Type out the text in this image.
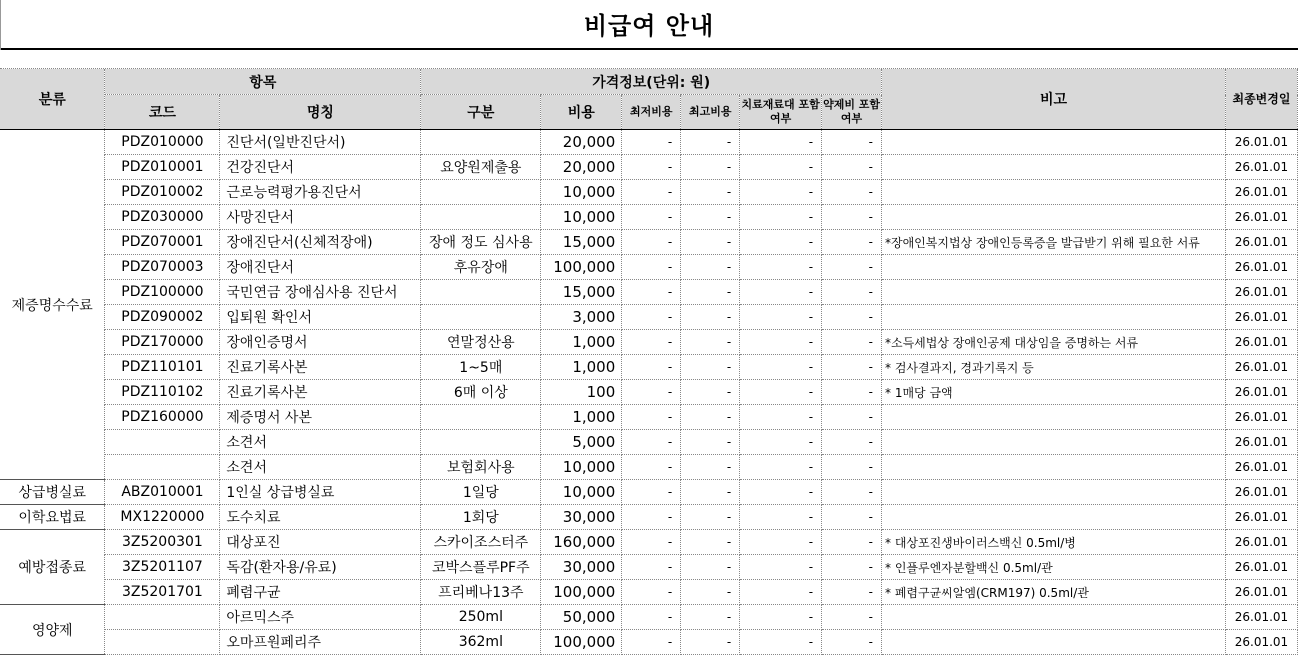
비급여 안내
분류	항목		가격정보(단위: 원)						비고	최종변경일
	코드	명칭	구분	비용	최저비용	최고비용	치료재료대 포함여부	약제비 포함여부		
제증명수수료	PDZ010000	진단서(일반진단서)		20,000	-	-	-	-		26.01.01
	PDZ010001	건강진단서	요양원제출용	20,000	-	-	-	-		26.01.01
	PDZ010002	근로능력평가용진단서		10,000	-	-	-	-		26.01.01
	PDZ030000	사망진단서		10,000	-	-	-	-		26.01.01
	PDZ070001	장애진단서(신체적장애)	장애 정도 심사용	15,000	-	-	-	-	*장애인복지법상 장애인등록증을 발급받기 위해 필요한 서류	26.01.01
	PDZ070003	장애진단서	후유장애	100,000	-	-	-	-		26.01.01
	PDZ100000	국민연금 장애심사용 진단서		15,000	-	-	-	-		26.01.01
	PDZ090002	입퇴원 확인서		3,000	-	-	-	-		26.01.01
	PDZ170000	장애인증명서	연말정산용	1,000	-	-	-	-	*소득세법상 장애인공제 대상임을 증명하는 서류	26.01.01
	PDZ110101	진료기록사본	1~5매	1,000	-	-	-	-	* 검사결과지, 경과기록지 등	26.01.01
	PDZ110102	진료기록사본	6매 이상	100	-	-	-	-	* 1매당 금액	26.01.01
	PDZ160000	제증명서 사본		1,000	-	-	-	-		26.01.01
		소견서		5,000	-	-	-	-		26.01.01
		소견서	보험회사용	10,000	-	-	-	-		26.01.01
상급병실료	ABZ010001	1인실 상급병실료	1일당	10,000	-	-	-	-		26.01.01
이학요법료	MX1220000	도수치료	1회당	30,000	-	-	-	-		26.01.01
예방접종료	3Z5200301	대상포진	스카이조스터주	160,000	-	-	-	-	* 대상포진생바이러스백신 0.5ml/병	26.01.01
	3Z5201107	독감(환자용/유료)	코박스플루PF주	30,000	-	-	-	-	* 인플루엔자분할백신 0.5ml/관	26.01.01
	3Z5201701	폐렴구균	프리베나13주	100,000	-	-	-	-	* 폐렴구균씨알엠(CRM197) 0.5ml/관	26.01.01
영양제		아르믹스주	250ml	50,000	-	-	-	-		26.01.01
		오마프원페리주	362ml	100,000	-	-	-	-		26.01.01
